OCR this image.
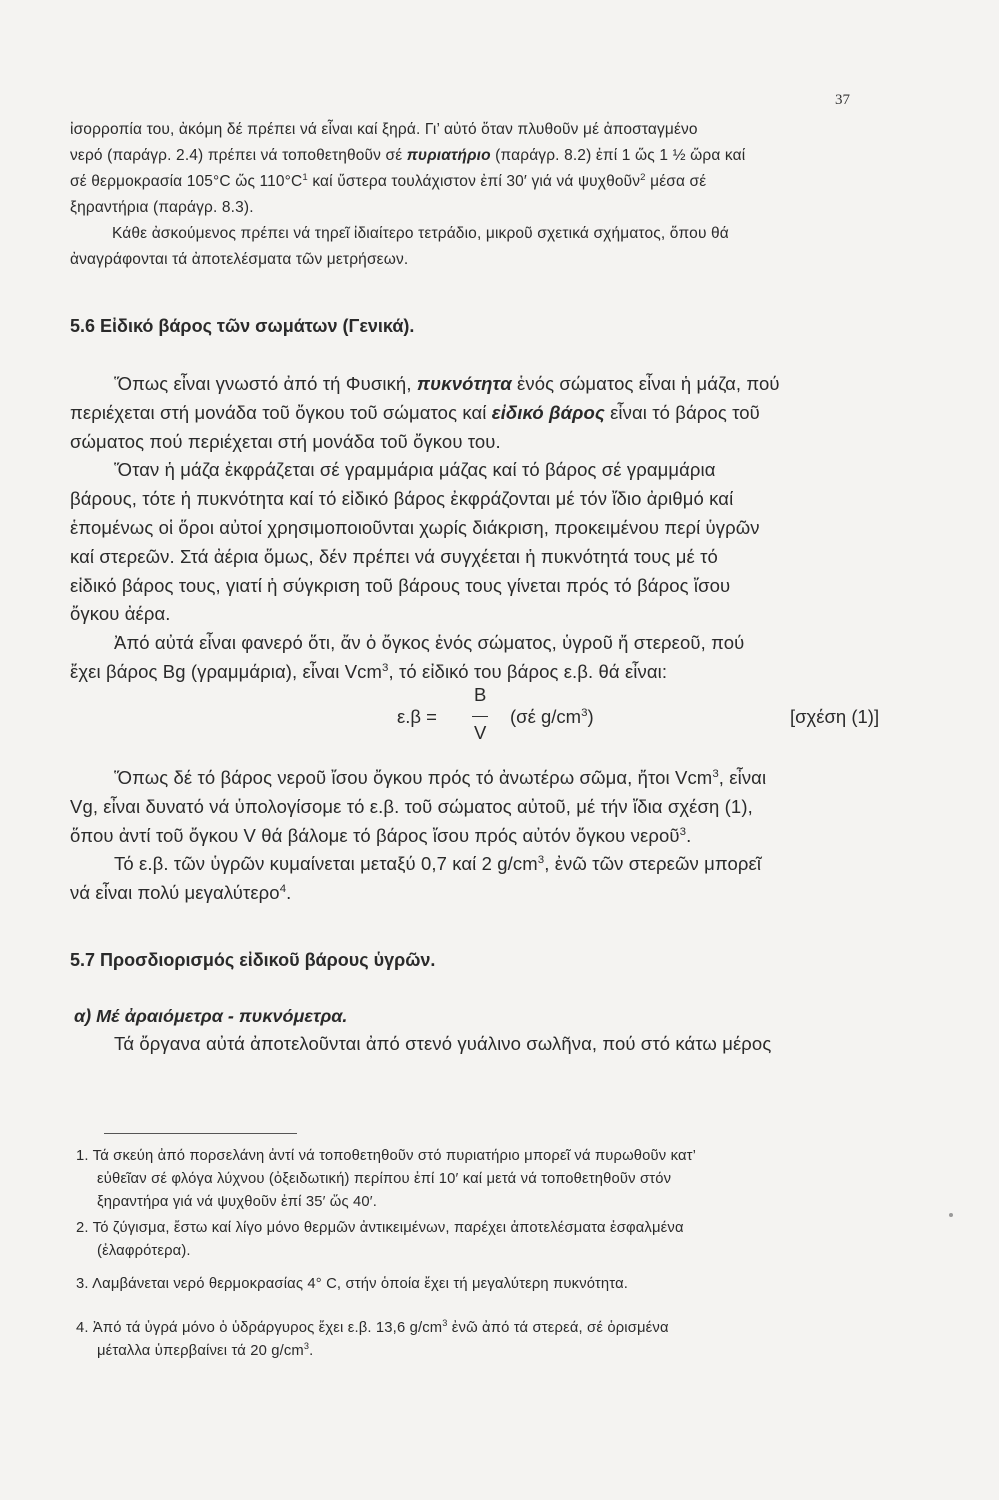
37
ἰσορροπία του, ἀκόμη δέ πρέπει νά εἶναι καί ξηρά. Γι’ αὐτό ὅταν πλυθοῦν μέ ἀποσταγμένο
νερό (παράγρ. 2.4) πρέπει νά τοποθετηθοῦν σέ πυριατήριο (παράγρ. 8.2) ἐπί 1 ὥς 1 ½ ὥρα καί
σέ θερμοκρασία 105°C ὥς $110^\circ C^1$ καί ὕστερα τουλάχιστον ἐπί 30′ γιά νά ψυχθοῦν$^2$ μέσα σέ
ξηραντήρια (παράγρ. 8.3).
Κάθε ἀσκούμενος πρέπει νά τηρεῖ ἰδιαίτερο τετράδιο, μικροῦ σχετικά σχήματος, ὅπου θά
ἀναγράφονται τά ἀποτελέσματα τῶν μετρήσεων.
5.6 Εἰδικό βάρος τῶν σωμάτων (Γενικά).
Ὅπως εἶναι γνωστό ἀπό τή Φυσική, πυκνότητα ἑνός σώματος εἶναι ἡ μάζα, πού
περιέχεται στή μονάδα τοῦ ὄγκου τοῦ σώματος καί εἰδικό βάρος εἶναι τό βάρος τοῦ
σώματος πού περιέχεται στή μονάδα τοῦ ὄγκου του.
Ὅταν ἡ μάζα ἐκφράζεται σέ γραμμάρια μάζας καί τό βάρος σέ γραμμάρια
βάρους, τότε ἡ πυκνότητα καί τό εἰδικό βάρος ἐκφράζονται μέ τόν ἴδιο ἀριθμό καί
ἑπομένως οἱ ὅροι αὐτοί χρησιμοποιοῦνται χωρίς διάκριση, προκειμένου περί ὑγρῶν
καί στερεῶν. Στά ἀέρια ὅμως, δέν πρέπει νά συγχέεται ἡ πυκνότητά τους μέ τό
εἰδικό βάρος τους, γιατί ἡ σύγκριση τοῦ βάρους τους γίνεται πρός τό βάρος ἴσου
ὄγκου ἀέρα.
Ἀπό αὐτά εἶναι φανερό ὅτι, ἄν ὁ ὄγκος ἑνός σώματος, ὑγροῦ ἤ στερεοῦ, πού
ἔχει βάρος Bg (γραμμάρια), εἶναι Vcm$^3$, τό εἰδικό του βάρος ε.β. θά εἶναι:
ε.β =
B
V
(σέ $g/cm^3$)	[σχέση (1)]
Ὅπως δέ τό βάρος νεροῦ ἴσου ὄγκου πρός τό ἀνωτέρω σῶμα, ἤτοι Vcm$^3$, εἶναι
Vg, εἶναι δυνατό νά ὑπολογίσομε τό ε.β. τοῦ σώματος αὐτοῦ, μέ τήν ἴδια σχέση (1),
ὅπου ἀντί τοῦ ὄγκου V θά βάλομε τό βάρος ἴσου πρός αὐτόν ὄγκου νεροῦ$^3$.
Τό ε.β. τῶν ὑγρῶν κυμαίνεται μεταξύ 0,7 καί 2 $g/cm^3$, ἐνῶ τῶν στερεῶν μπορεῖ
νά εἶναι πολύ μεγαλύτερο$^4$.
5.7 Προσδιορισμός εἰδικοῦ βάρους ὑγρῶν.
α) Μέ ἀραιόμετρα - πυκνόμετρα.
Τά ὄργανα αὐτά ἀποτελοῦνται ἀπό στενό γυάλινο σωλῆνα, πού στό κάτω μέρος
1. Τά σκεύη ἀπό πορσελάνη ἀντί νά τοποθετηθοῦν στό πυριατήριο μπορεῖ νά πυρωθοῦν κατ’
εὐθεῖαν σέ φλόγα λύχνου (ὀξειδωτική) περίπου ἐπί 10′ καί μετά νά τοποθετηθοῦν στόν
ξηραντήρα γιά νά ψυχθοῦν ἐπί 35′ ὥς 40′.
2. Τό ζύγισμα, ἔστω καί λίγο μόνο θερμῶν ἀντικειμένων, παρέχει ἀποτελέσματα ἐσφαλμένα
(ἐλαφρότερα).
3. Λαμβάνεται νερό θερμοκρασίας 4° C, στήν ὁποία ἔχει τή μεγαλύτερη πυκνότητα.
4. Ἀπό τά ὑγρά μόνο ὁ ὑδράργυρος ἔχει ε.β. 13,6 $g/cm^3$ ἐνῶ ἀπό τά στερεά, σέ ὁρισμένα
μέταλλα ὑπερβαίνει τά 20 $g/cm^3$.
